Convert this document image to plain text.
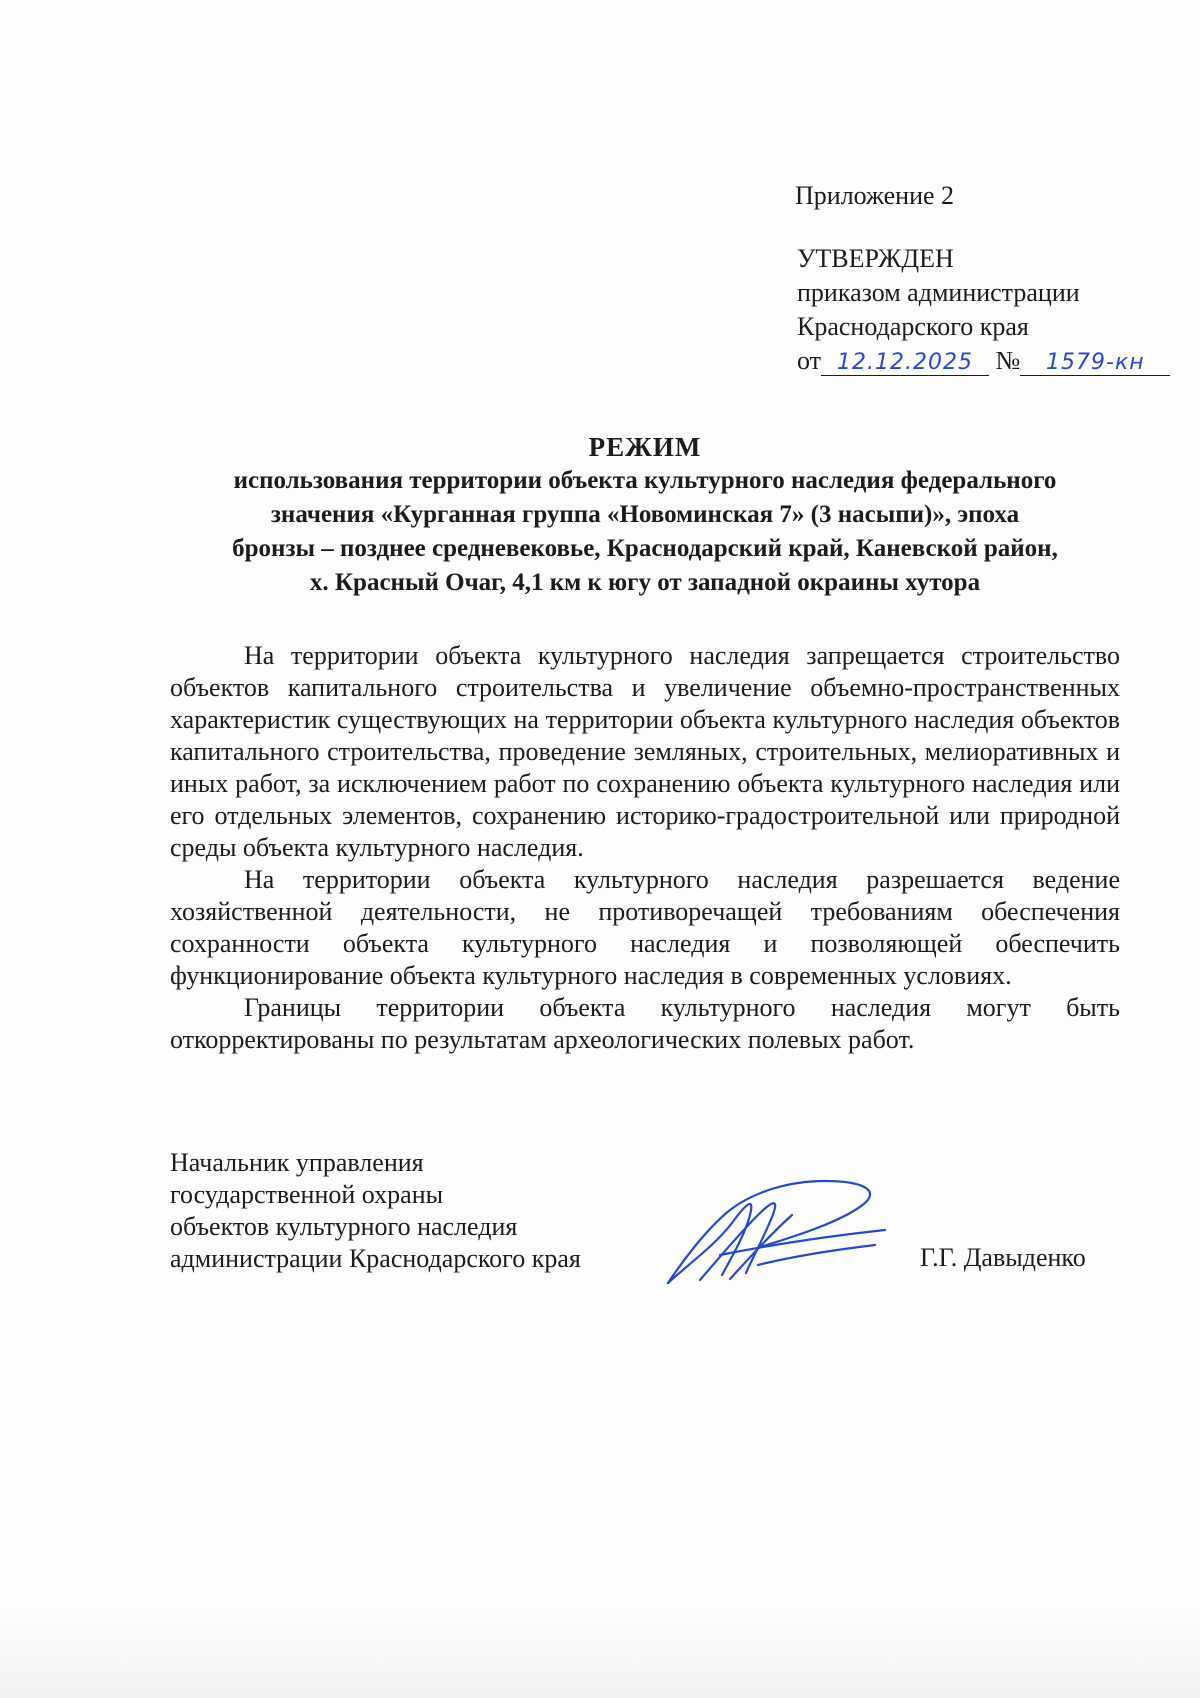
Приложение 2
УТВЕРЖДЕН
приказом администрации
Краснодарского края
от 12.12.2025 № 1579-кн
РЕЖИМ
использования территории объекта культурного наследия федерального
значения «Курганная группа «Новоминская 7» (3 насыпи)», эпоха
бронзы – позднее средневековье, Краснодарский край, Каневской район,
х. Красный Очаг, 4,1 км к югу от западной окраины хутора

На территории объекта культурного наследия запрещается строительство объектов капитального строительства и увеличение объемно-пространственных характеристик существующих на территории объекта культурного наследия объектов капитального строительства, проведение земляных, строительных, мелиоративных и иных работ, за исключением работ по сохранению объекта культурного наследия или его отдельных элементов, сохранению историко-градостроительной или природной среды объекта культурного наследия.

На территории объекта культурного наследия разрешается ведение хозяйственной деятельности, не противоречащей требованиям обеспечения сохранности объекта культурного наследия и позволяющей обеспечить функционирование объекта культурного наследия в современных условиях.

Границы территории объекта культурного наследия могут быть откорректированы по результатам археологических полевых работ.

Начальник управления
государственной охраны
объектов культурного наследия
администрации Краснодарского края	Г.Г. Давыденко
